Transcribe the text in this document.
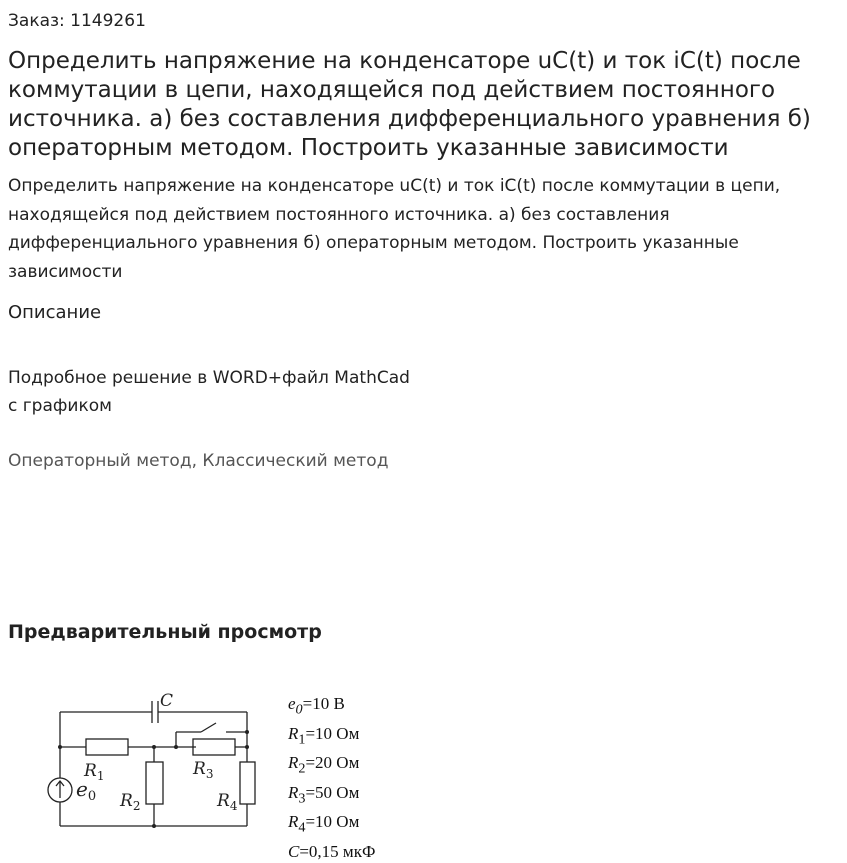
Заказ: 1149261
Определить напряжение на конденсаторе uC(t) и ток iC(t) после коммутации в цепи, находящейся под действием постоянного источника. а) без составления дифференциального уравнения б) операторным методом. Построить указанные зависимости

Определить напряжение на конденсаторе uC(t) и ток iC(t) после коммутации в цепи, находящейся под действием постоянного источника. а) без составления дифференциального уравнения б) операторным методом. Построить указанные зависимости

Описание
Подробное решение в WORD+файл MathCad
с графиком
Операторный метод, Классический метод
Предварительный просмотр
C
$R_1$
$R_2$
$R_3$
$R_4$
$e_0$
$e_0=10$ В
$R_1=10$ Ом
$R_2=20$ Ом
$R_3=50$ Ом
$R_4=10$ Ом
C=0,15 мкФ
